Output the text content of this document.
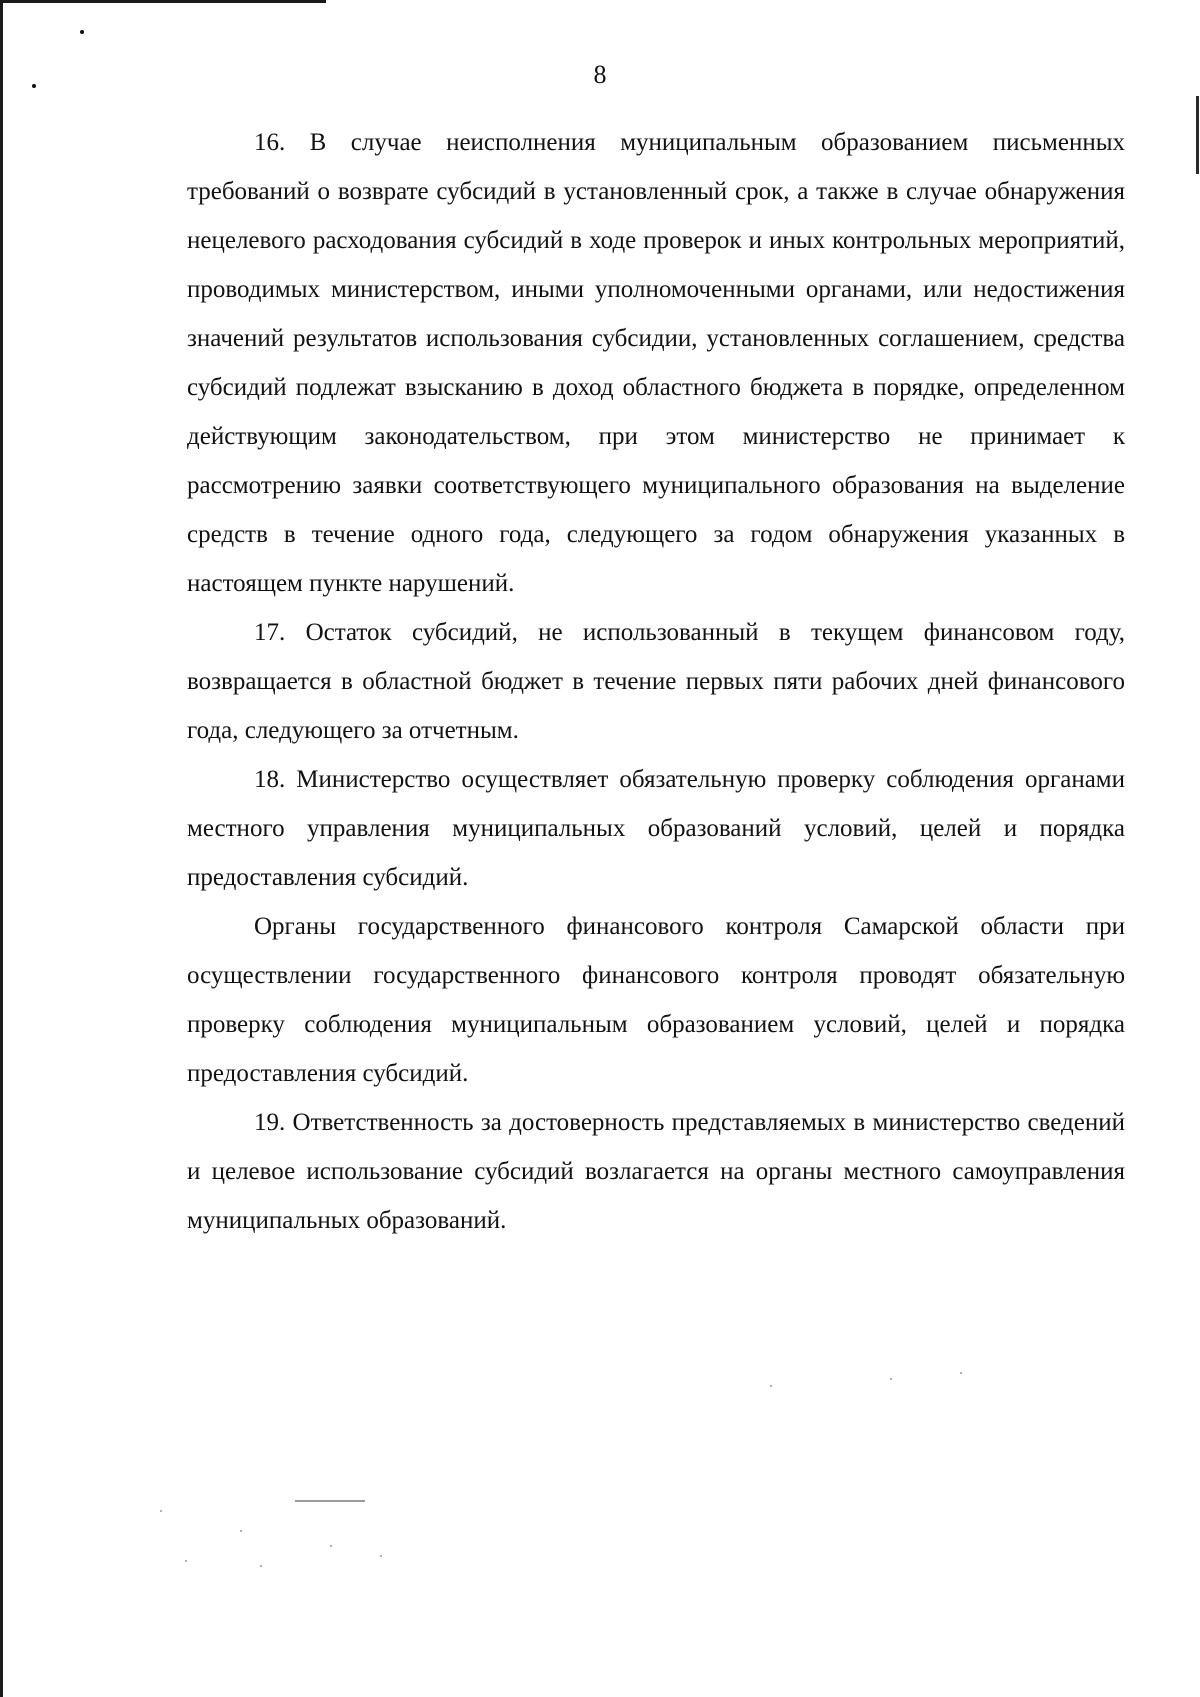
8

16. В случае неисполнения муниципальным образованием письменных требований о возврате субсидий в установленный срок, а также в случае обнаружения нецелевого расходования субсидий в ходе проверок и иных контрольных мероприятий, проводимых министерством, иными уполномоченными органами, или недостижения значений результатов использования субсидии, установленных соглашением, средства субсидий подлежат взысканию в доход областного бюджета в порядке, определенном действующим законодательством, при этом министерство не принимает к рассмотрению заявки соответствующего муниципального образования на выделение средств в течение одного года, следующего за годом обнаружения указанных в настоящем пункте нарушений.

17. Остаток субсидий, не использованный в текущем финансовом году, возвращается в областной бюджет в течение первых пяти рабочих дней финансового года, следующего за отчетным.

18. Министерство осуществляет обязательную проверку соблюдения органами местного управления муниципальных образований условий, целей и порядка предоставления субсидий.

Органы государственного финансового контроля Самарской области при осуществлении государственного финансового контроля проводят обязательную проверку соблюдения муниципальным образованием условий, целей и порядка предоставления субсидий.

19. Ответственность за достоверность представляемых в министерство сведений и целевое использование субсидий возлагается на органы местного самоуправления муниципальных образований.
